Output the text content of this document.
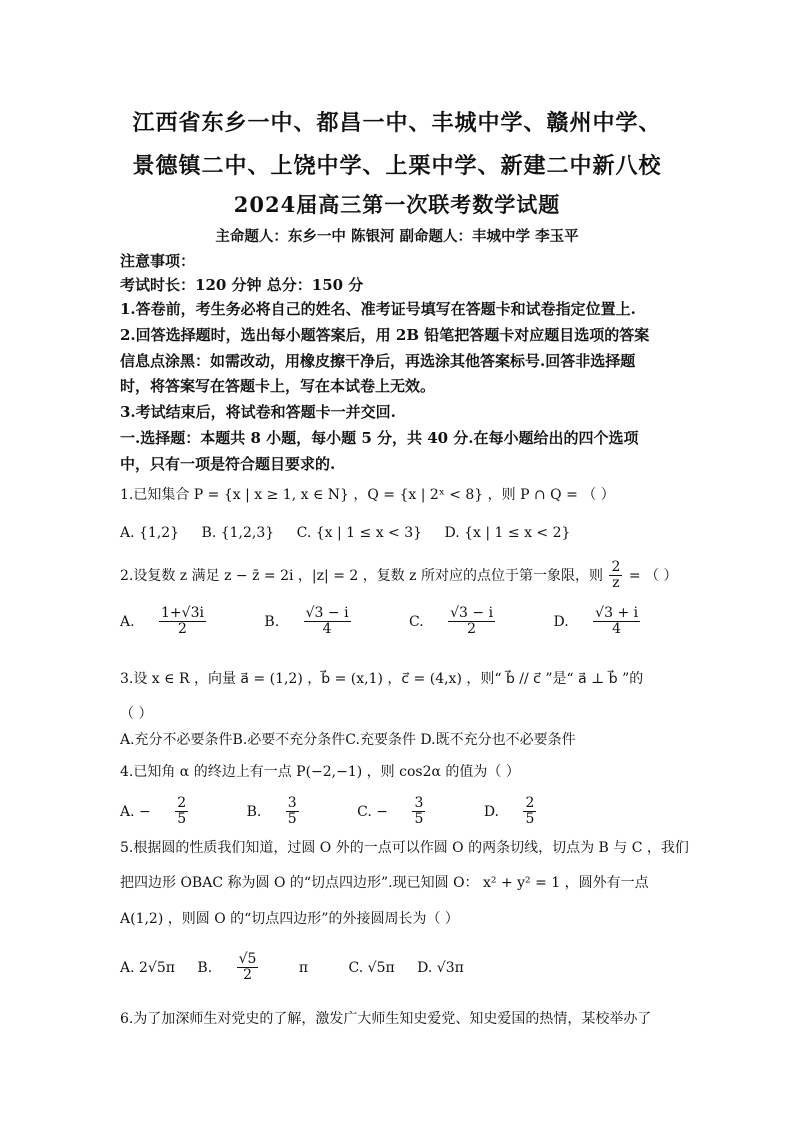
江西省东乡一中、都昌一中、丰城中学、赣州中学、
景德镇二中、上饶中学、上栗中学、新建二中新八校
2024届高三第一次联考数学试题
主命题人：东乡一中 陈银河 副命题人：丰城中学 李玉平
注意事项：
考试时长：120 分钟 总分：150 分
1.答卷前，考生务必将自己的姓名、准考证号填写在答题卡和试卷指定位置上.
2.回答选择题时，选出每小题答案后，用 2B 铅笔把答题卡对应题目选项的答案
信息点涂黑：如需改动，用橡皮擦干净后，再选涂其他答案标号.回答非选择题
时，将答案写在答题卡上，写在本试卷上无效。
3.考试结束后，将试卷和答题卡一并交回.
一.选择题：本题共 8 小题，每小题 5 分，共 40 分.在每小题给出的四个选项
中，只有一项是符合题目要求的.
1.已知集合 P = {x | x ≥ 1, x ∈ N} ，Q = {x | 2ˣ < 8} ，则 P ∩ Q = （ ）
A. {1,2} B. {1,2,3} C. {x | 1 ≤ x < 3} D. {x | 1 ≤ x < 2}
2.设复数 z 满足 z − z̄ = 2i ，|z| = 2 ，复数 z 所对应的点位于第一象限，则 $\frac{2}{z}$ = （ ）
A. $\frac{1+√3i}{2}$	B. $\frac{√3 - i}{4}$	C. $\frac{√3 - i}{2}$	D. $\frac{√3 + i}{4}$
3.设 x ∈ R ，向量 a⃗ = (1,2) ，b⃗ = (x,1) ，c⃗ = (4,x) ，则“ b⃗ // c⃗ ”是“ a⃗ ⊥ b⃗ ”的
（ ）
A.充分不必要条件B.必要不充分条件C.充要条件 D.既不充分也不必要条件
4.已知角 α 的终边上有一点 P(−2,−1) ，则 cos2α 的值为（ ）
A. − $\frac{2}{5}$	B. $\frac{3}{5}$	C. − $\frac{3}{5}$	D. $\frac{2}{5}$
5.根据圆的性质我们知道，过圆 O 外的一点可以作圆 O 的两条切线，切点为 B 与 C ，我们
把四边形 OBAC 称为圆 O 的“切点四边形”.现已知圆 O： x² + y² = 1 ，圆外有一点
A(1,2) ，则圆 O 的“切点四边形”的外接圆周长为（ ）
A. 2√5π B. $\frac{√5}{2}$ π	C. √5π D. √3π
6.为了加深师生对党史的了解，激发广大师生知史爱党、知史爱国的热情，某校举办了
